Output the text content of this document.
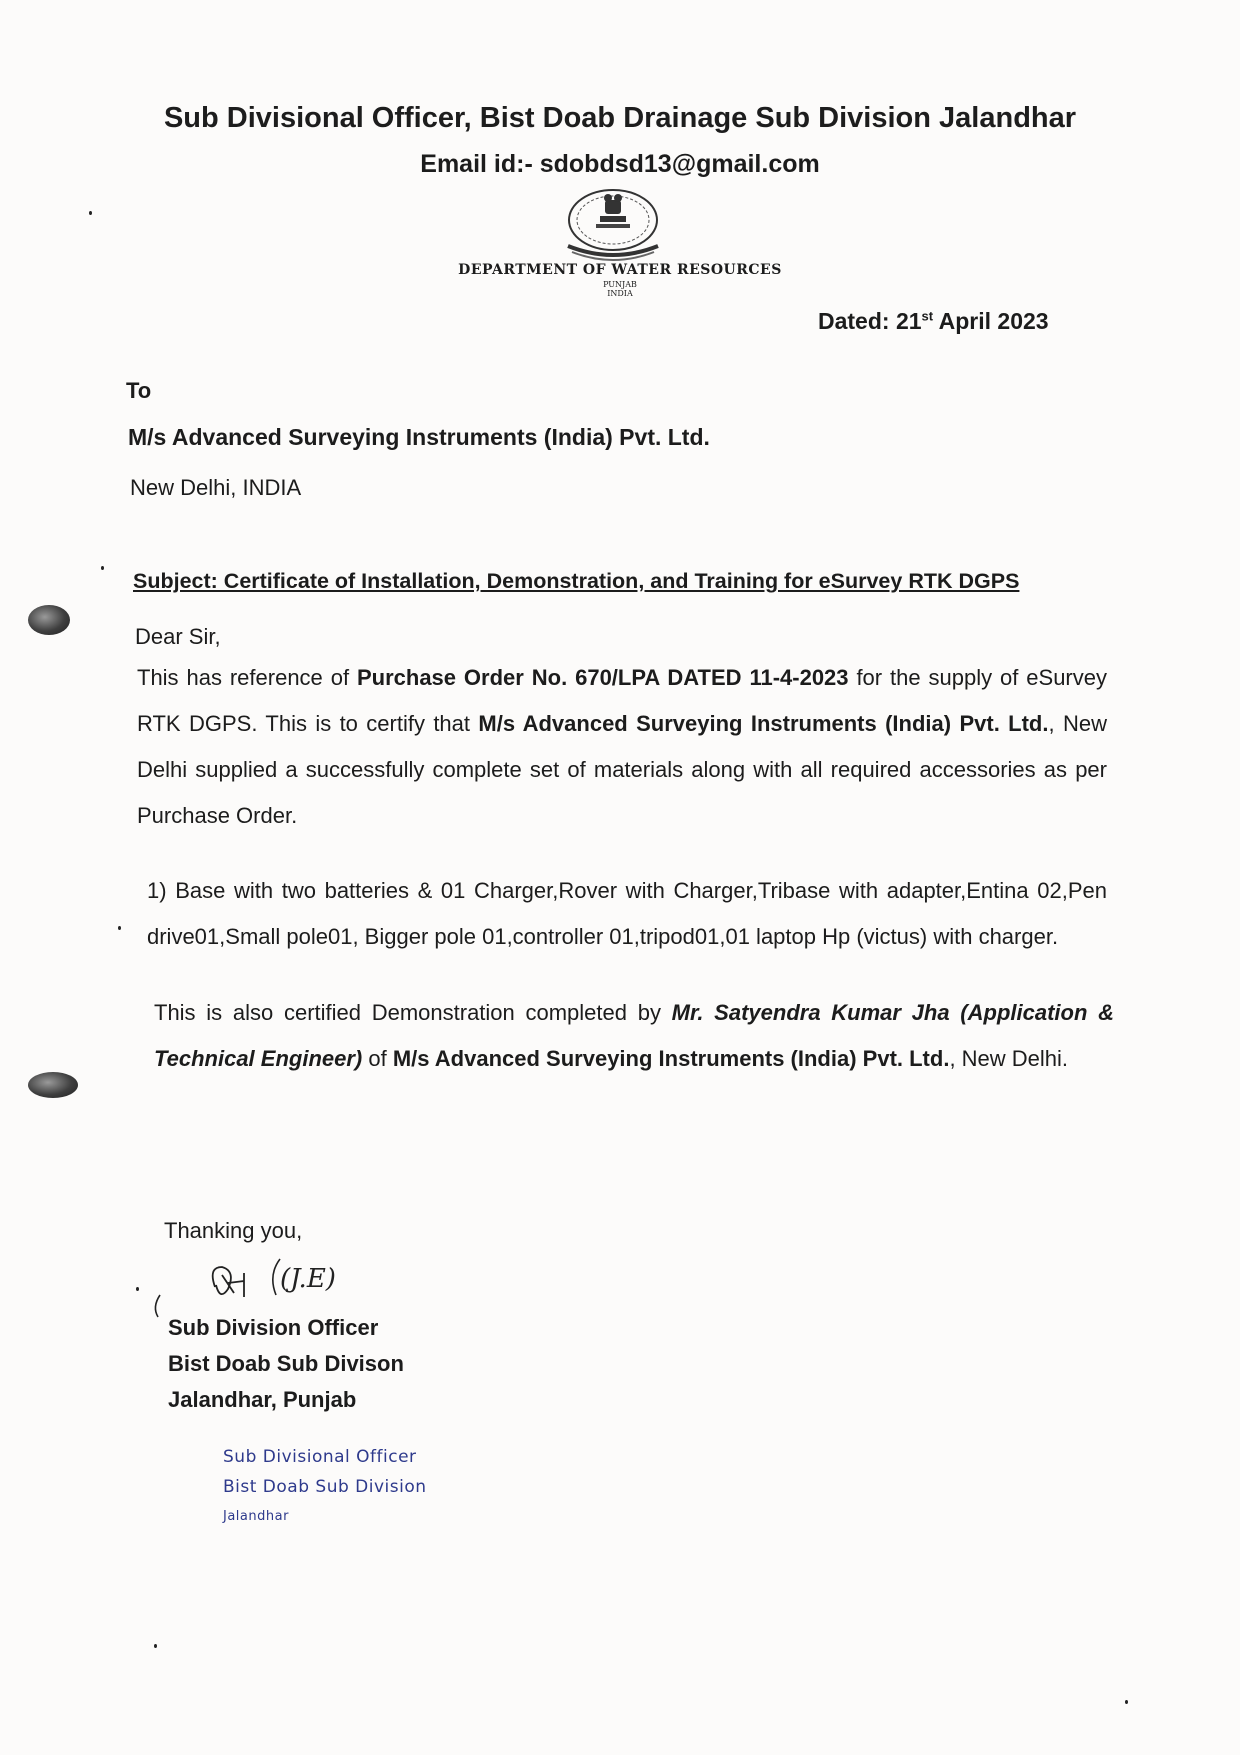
Sub Divisional Officer, Bist Doab Drainage Sub Division Jalandhar
Email id:- sdobdsd13@gmail.com
DEPARTMENT OF WATER RESOURCES
PUNJAB
INDIA
Dated: 21st April 2023
To
M/s Advanced Surveying Instruments (India) Pvt. Ltd.
New Delhi, INDIA
Subject: Certificate of Installation, Demonstration, and Training for eSurvey RTK DGPS
Dear Sir,
This has reference of Purchase Order No. 670/LPA DATED 11-4-2023 for the supply of eSurvey RTK DGPS. This is to certify that M/s Advanced Surveying Instruments (India) Pvt. Ltd., New Delhi supplied a successfully complete set of materials along with all required accessories as per Purchase Order.
1) Base with two batteries & 01 Charger,Rover with Charger,Tribase with adapter,Entina 02,Pen drive01,Small pole01, Bigger pole 01,controller 01,tripod01,01 laptop Hp (victus) with charger.
This is also certified Demonstration completed by Mr. Satyendra Kumar Jha (Application & Technical Engineer) of M/s Advanced Surveying Instruments (India) Pvt. Ltd., New Delhi.
Thanking you,
(J.E)
Sub Division Officer
Bist Doab Sub Divison
Jalandhar, Punjab
Sub Divisional Officer
Bist Doab Sub Division
Jalandhar
